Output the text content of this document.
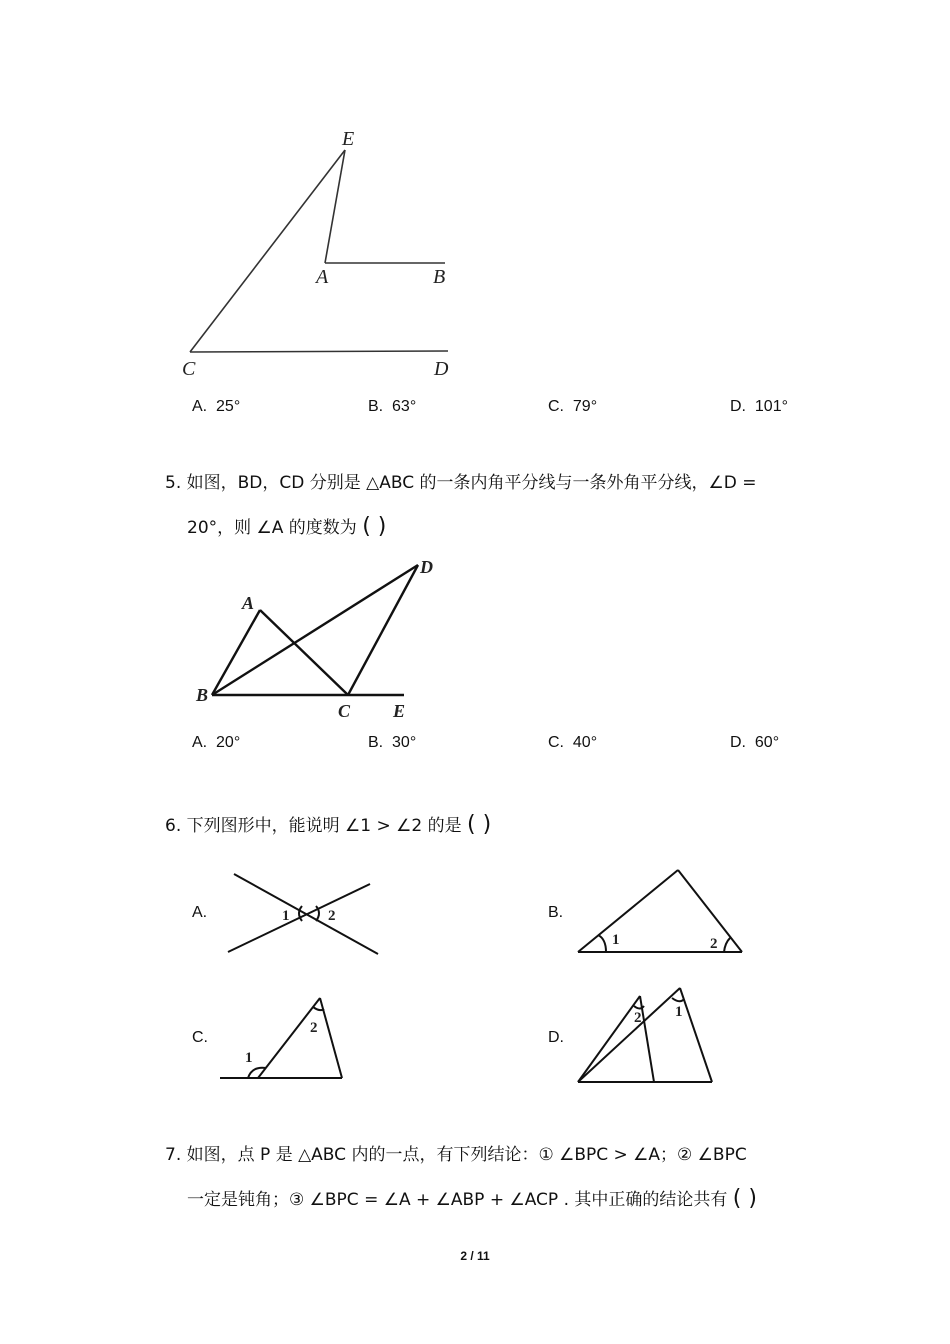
E
A	B
C	D
A. 25°	B. 63°	C. 79°	D. 101°
5. 如图，BD，CD 分别是 △ABC 的一条内角平分线与一条外角平分线，∠D =
20°，则 ∠A 的度数为 ( )
A
B
C
D
E
A. 20°	B. 30°	C. 40°	D. 60°
6. 下列图形中，能说明 ∠1 > ∠2 的是 ( )
A.	1	2	B.
1	2
C.
1
2
D.
2 1
7. 如图，点 P 是 △ABC 内的一点，有下列结论：① ∠BPC > ∠A；② ∠BPC
一定是钝角；③ ∠BPC = ∠A + ∠ABP + ∠ACP . 其中正确的结论共有 ( )
2 / 11
